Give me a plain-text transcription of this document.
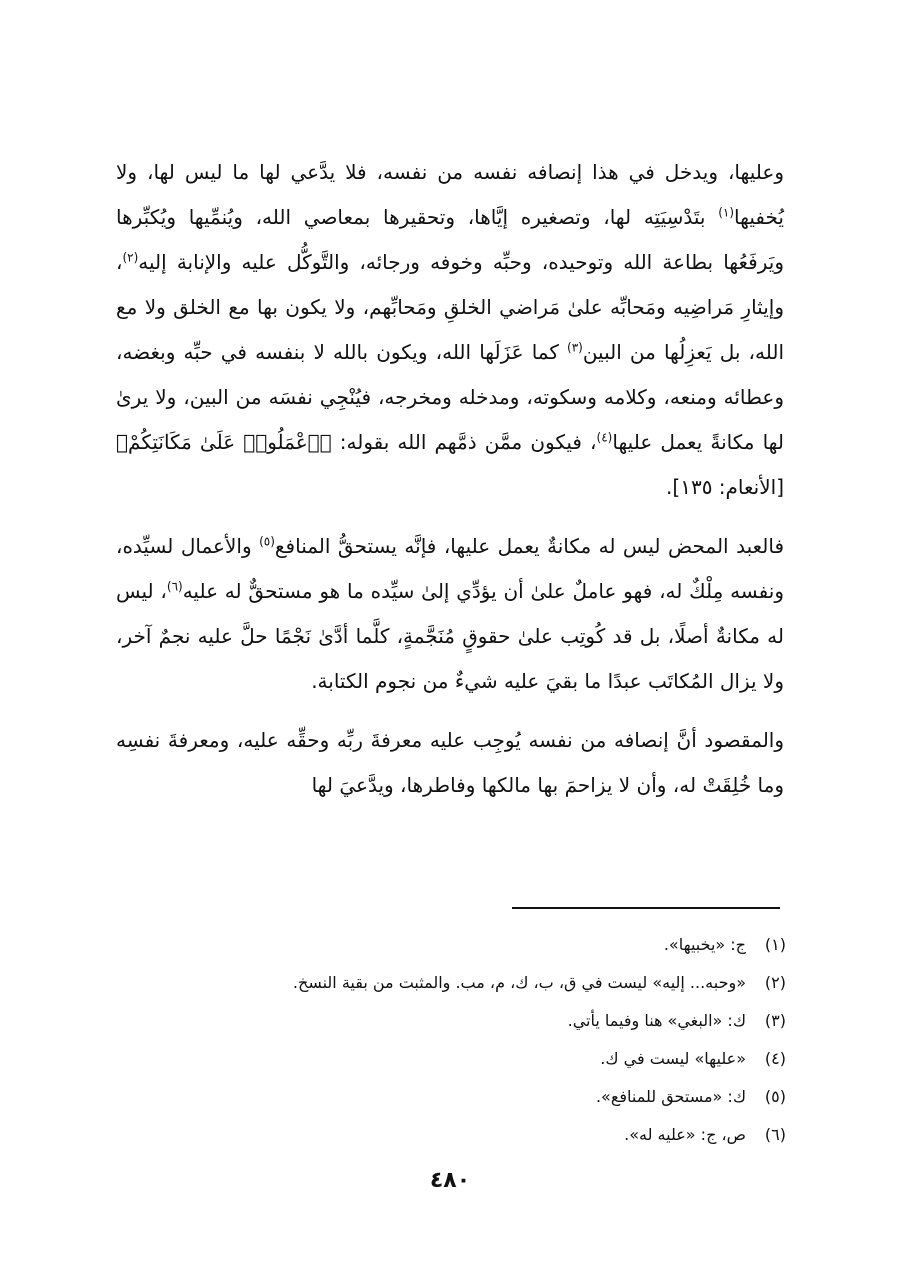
وعليها، ويدخل في هذا إنصافه نفسه من نفسه، فلا يدَّعي لها ما ليس لها، ولا يُخفيها$^{(١)}$ بتَدْسِيَتِه لها، وتصغيره إيَّاها، وتحقيرها بمعاصي الله، ويُنمِّيها ويُكبِّرها ويَرفَعُها بطاعة الله وتوحيده، وحبِّه وخوفه ورجائه، والتَّوكُّل عليه والإنابة إليه$^{(٢)}$، وإيثارِ مَراضِيه ومَحابِّه علىٰ مَراضي الخلقِ ومَحابِّهم، ولا يكون بها مع الخلق ولا مع الله، بل يَعزِلُها من البين$^{(٣)}$ كما عَزَلَها الله، ويكون بالله لا بنفسه في حبِّه وبغضه، وعطائه ومنعه، وكلامه وسكوته، ومدخله ومخرجه، فيُنْجِي نفسَه من البين، ولا يرىٰ لها مكانةً يعمل عليها$^{(٤)}$، فيكون ممَّن ذمَّهم الله بقوله: ﴿ٱعْمَلُوا۟ عَلَىٰ مَكَانَتِكُمْ﴾ [الأنعام: ١٣٥].

فالعبد المحض ليس له مكانةٌ يعمل عليها، فإنَّه يستحقُّ المنافع$^{(٥)}$ والأعمال لسيِّده، ونفسه مِلْكٌ له، فهو عاملٌ علىٰ أن يؤدِّي إلىٰ سيِّده ما هو مستحقٌّ له عليه$^{(٦)}$، ليس له مكانةٌ أصلًا، بل قد كُوتِب علىٰ حقوقٍ مُنَجَّمةٍ، كلَّما أدَّىٰ نَجْمًا حلَّ عليه نجمٌ آخر، ولا يزال المُكاتَب عبدًا ما بقيَ عليه شيءٌ من نجوم الكتابة.

والمقصود أنَّ إنصافه من نفسه يُوجِب عليه معرفةَ ربِّه وحقِّه عليه، ومعرفةَ نفسِه وما خُلِقَتْ له، وأن لا يزاحمَ بها مالكها وفاطرها، ويدَّعيَ لها

(١)
ج: «يخبيها».
(٢)
«وحبه... إليه» ليست في ق، ب، ك، م، مب. والمثبت من بقية النسخ.
(٣)
ك: «البغي» هنا وفيما يأتي.
(٤)
«عليها» ليست في ك.
(٥)
ك: «مستحق للمنافع».
(٦)
ص، ج: «عليه له».
٤٨٠
